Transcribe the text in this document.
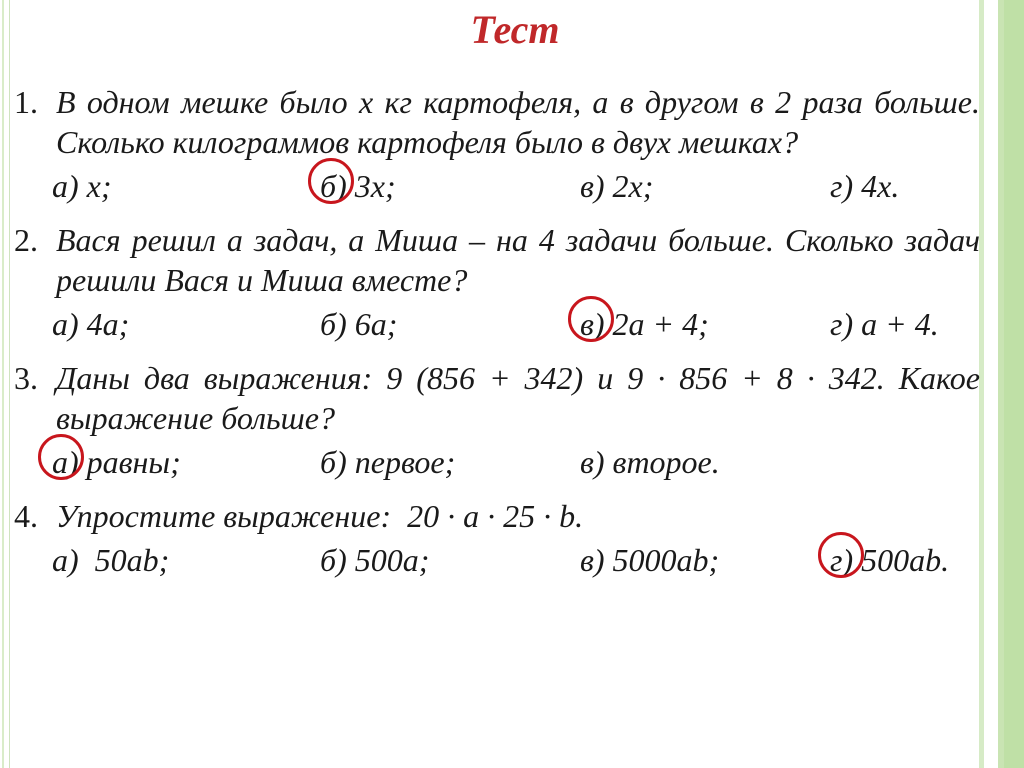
Тест
1. В одном мешке было х кг картофеля, а в другом в 2 раза больше. Сколько килограммов картофеля было в двух мешках?
а) х;	б) 3х;	в) 2х;	г) 4х.
2. Вася решил а задач, а Миша – на 4 задачи больше. Сколько задач решили Вася и Миша вместе?
а) 4а;	б) 6а;	в) 2а + 4;	г) а + 4.
3. Даны два выражения: 9 (856 + 342) и 9 · 856 + 8 · 342. Какое выражение больше?
а) равны;	б) первое;	в) второе.
4. Упростите выражение:  20 · а · 25 · b.
а)  50аb;	б) 500а;	в) 5000аb;	г) 500аb.
